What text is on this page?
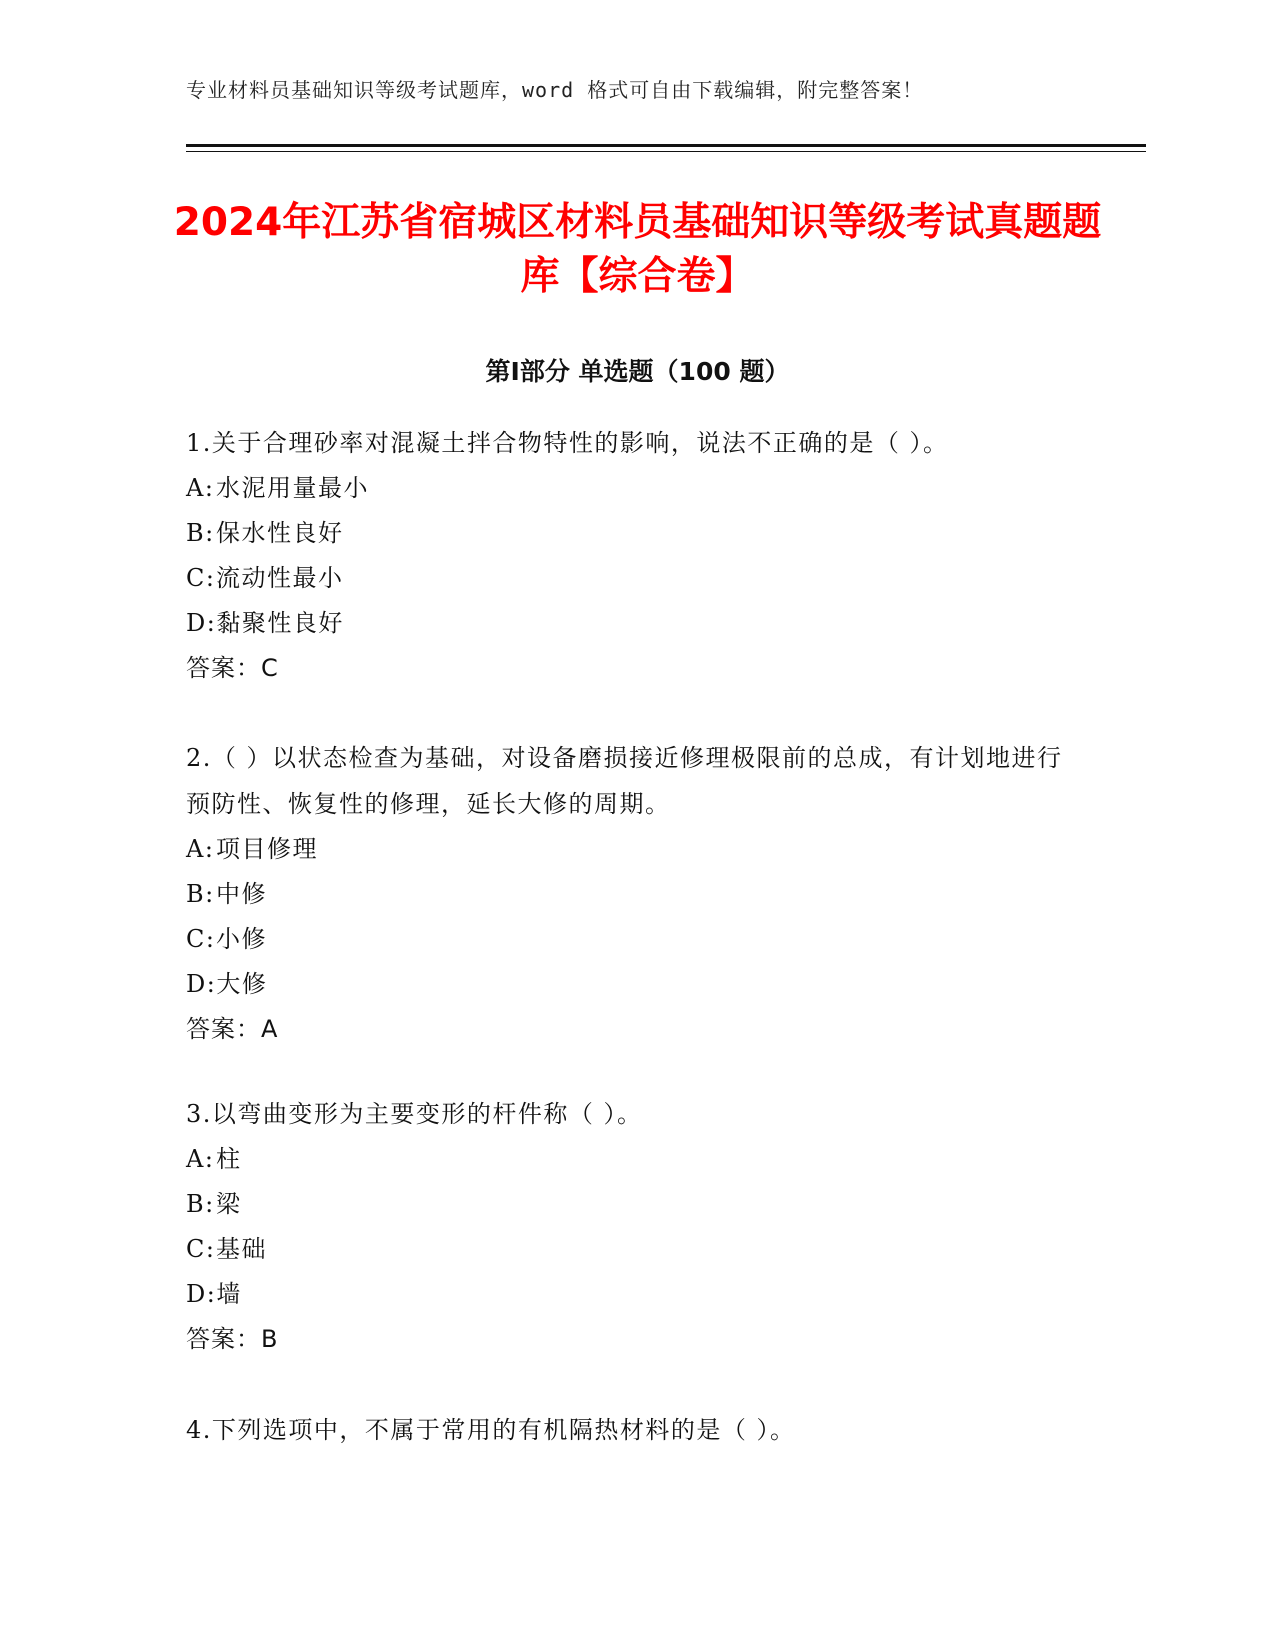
专业材料员基础知识等级考试题库，word 格式可自由下载编辑，附完整答案！
2024年江苏省宿城区材料员基础知识等级考试真题题库【综合卷】
第Ⅰ部分 单选题（100 题）

1.关于合理砂率对混凝土拌合物特性的影响，说法不正确的是（ ）。

A:水泥用量最小
B:保水性良好
C:流动性最小
D:黏聚性良好
答案：C

2.（ ）以状态检查为基础，对设备磨损接近修理极限前的总成，有计划地进行预防性、恢复性的修理，延长大修的周期。

A:项目修理
B:中修
C:小修
D:大修
答案：A

3.以弯曲变形为主要变形的杆件称（ ）。

A:柱
B:梁
C:基础
D:墙
答案：B

4.下列选项中，不属于常用的有机隔热材料的是（ ）。
